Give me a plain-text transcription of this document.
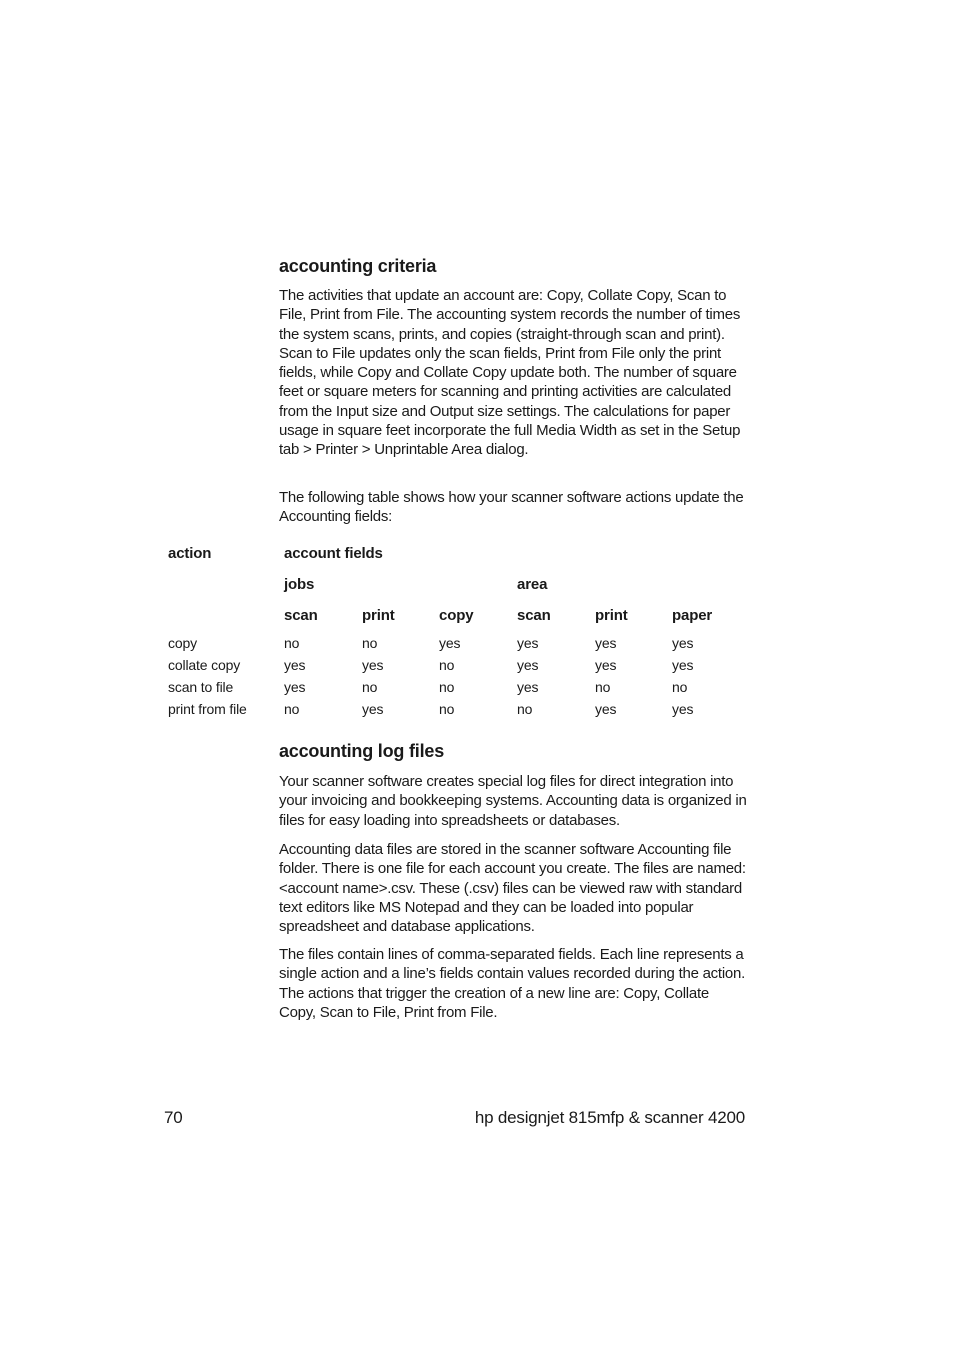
accounting criteria

The activities that update an account are: Copy, Collate Copy, Scan to File, Print from File. The accounting system records the number of times the system scans, prints, and copies (straight-through scan and print). Scan to File updates only the scan fields, Print from File only the print fields, while Copy and Collate Copy update both. The number of square feet or square meters for scanning and printing activities are calculated from the Input size and Output size settings. The calculations for paper usage in square feet incorporate the full Media Width as set in the Setup tab > Printer > Unprintable Area dialog.

The following table shows how your scanner software actions update the Accounting fields:

action	account fields
jobs	area
scan	print	copy	scan	print	paper
copy	no	no	yes	yes	yes	yes
collate copy	yes	yes	no	yes	yes	yes
scan to file	yes	no	no	yes	no	no
print from file	no	yes	no	no	yes	yes
accounting log files

Your scanner software creates special log files for direct integration into your invoicing and bookkeeping systems. Accounting data is organized in files for easy loading into spreadsheets or databases.

Accounting data files are stored in the scanner software Accounting file folder. There is one file for each account you create. The files are named: <account name>.csv. These (.csv) files can be viewed raw with standard text editors like MS Notepad and they can be loaded into popular spreadsheet and database applications.

The files contain lines of comma-separated fields. Each line represents a single action and a line’s fields contain values recorded during the action. The actions that trigger the creation of a new line are: Copy, Collate Copy, Scan to File, Print from File.

70	hp designjet 815mfp & scanner 4200
